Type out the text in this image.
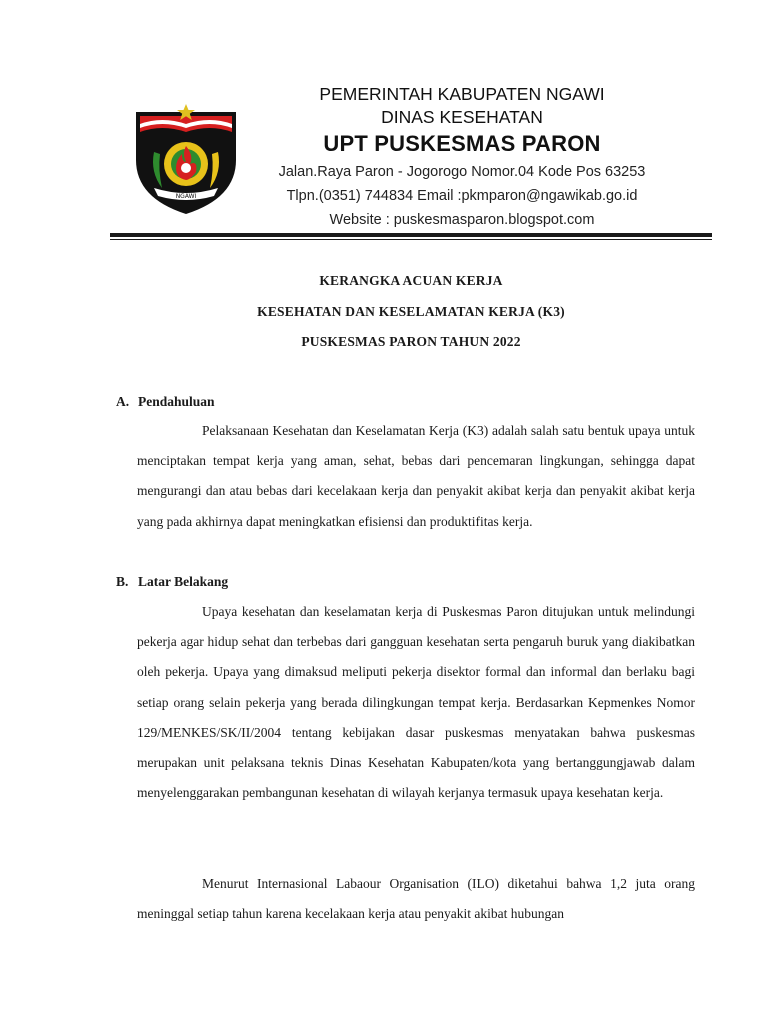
NGAWI
PEMERINTAH KABUPATEN NGAWI
DINAS KESEHATAN
UPT PUSKESMAS PARON
Jalan.Raya Paron - Jogorogo Nomor.04 Kode Pos 63253
Tlpn.(0351) 744834 Email :pkmparon@ngawikab.go.id
Website : puskesmasparon.blogspot.com
KERANGKA ACUAN KERJA
KESEHATAN DAN KESELAMATAN KERJA (K3)
PUSKESMAS PARON TAHUN 2022
A. Pendahuluan

Pelaksanaan Kesehatan dan Keselamatan Kerja (K3) adalah salah satu bentuk upaya untuk menciptakan tempat kerja yang aman, sehat, bebas dari pencemaran lingkungan, sehingga dapat mengurangi dan atau bebas dari kecelakaan kerja dan penyakit akibat kerja dan penyakit akibat kerja yang pada akhirnya dapat meningkatkan efisiensi dan produktifitas kerja.

B. Latar Belakang

Upaya kesehatan dan keselamatan kerja di Puskesmas Paron ditujukan untuk melindungi pekerja agar hidup sehat dan terbebas dari gangguan kesehatan serta pengaruh buruk yang diakibatkan oleh pekerja. Upaya yang dimaksud meliputi pekerja disektor formal dan informal dan berlaku bagi setiap orang selain pekerja yang berada dilingkungan tempat kerja. Berdasarkan Kepmenkes Nomor 129/MENKES/SK/II/2004 tentang kebijakan dasar puskesmas menyatakan bahwa puskesmas merupakan unit pelaksana teknis Dinas Kesehatan Kabupaten/kota yang bertanggungjawab dalam menyelenggarakan pembangunan kesehatan di wilayah kerjanya termasuk upaya kesehatan kerja.

Menurut Internasional Labaour Organisation (ILO) diketahui bahwa 1,2 juta orang meninggal setiap tahun karena kecelakaan kerja atau penyakit akibat hubungan
